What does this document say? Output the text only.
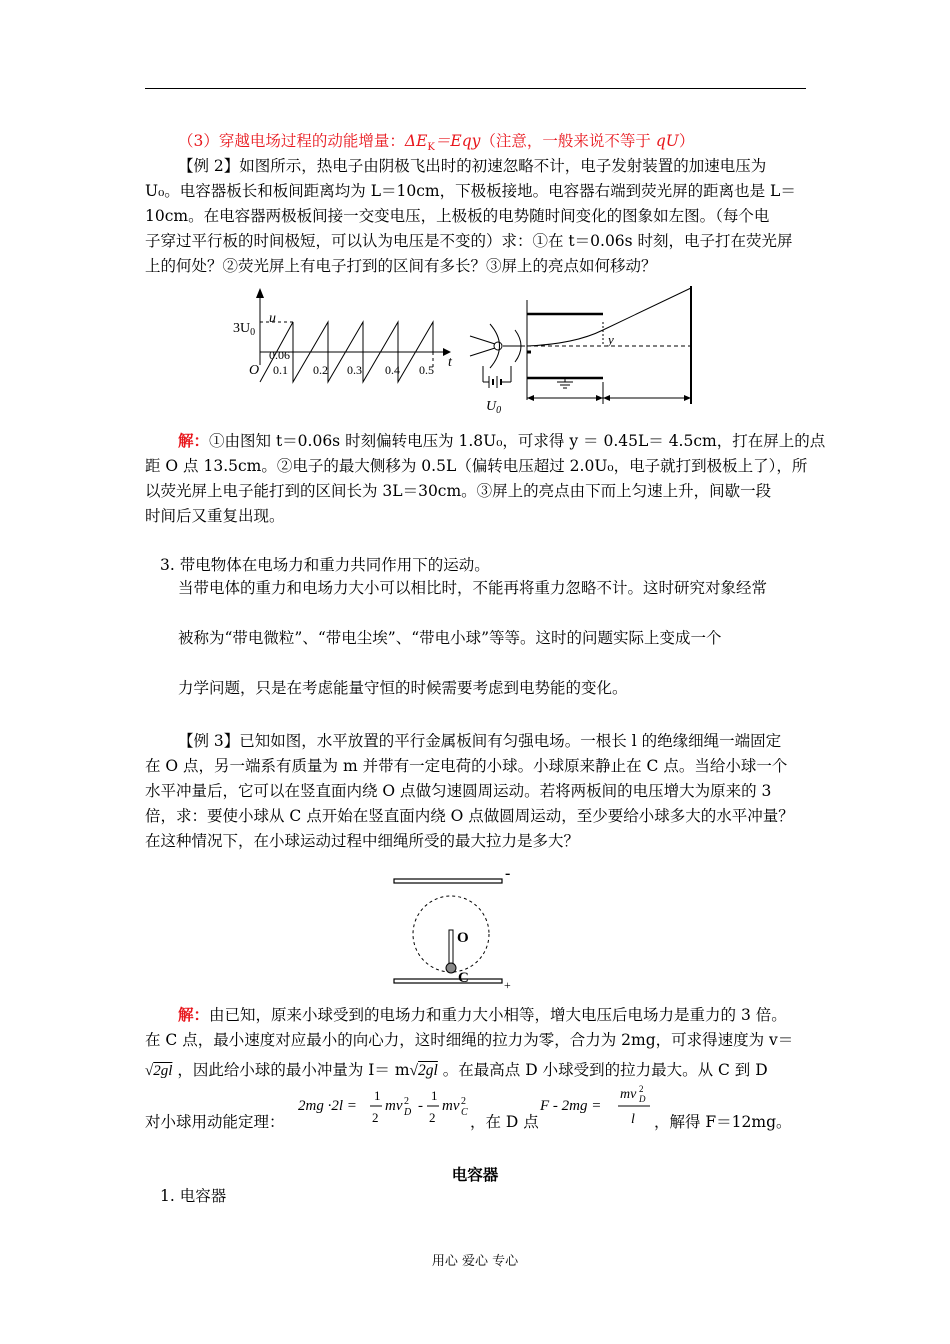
（3）穿越电场过程的动能增量：$\Delta E_K=Eqy$（注意，一般来说不等于 qU）
【例 2】如图所示，热电子由阴极飞出时的初速忽略不计，电子发射装置的加速电压为
U₀。电容器板长和板间距离均为 L＝10cm，下极板接地。电容器右端到荧光屏的距离也是 L＝
10cm。在电容器两极板间接一交变电压，上极板的电势随时间变化的图象如左图。（每个电
子穿过平行板的时间极短，可以认为电压是不变的）求：①在 t＝0.06s 时刻，电子打在荧光屏
上的何处？②荧光屏上有电子打到的区间有多长？③屏上的亮点如何移动？
u
$3U_0$
O
t
0.06
0.1 0.2 0.3 0.4 0.5
$U_0$
y
解：①由图知 t＝0.06s 时刻偏转电压为 1.8U₀，可求得 y ＝ 0.45L＝ 4.5cm，打在屏上的点
距 O 点 13.5cm。②电子的最大侧移为 0.5L（偏转电压超过 2.0U₀，电子就打到极板上了），所
以荧光屏上电子能打到的区间长为 3L＝30cm。③屏上的亮点由下而上匀速上升，间歇一段
时间后又重复出现。
3. 带电物体在电场力和重力共同作用下的运动。
当带电体的重力和电场力大小可以相比时，不能再将重力忽略不计。这时研究对象经常
被称为“带电微粒”、“带电尘埃”、“带电小球”等等。这时的问题实际上变成一个
力学问题，只是在考虑能量守恒的时候需要考虑到电势能的变化。
【例 3】已知如图，水平放置的平行金属板间有匀强电场。一根长 l 的绝缘细绳一端固定
在 O 点，另一端系有质量为 m 并带有一定电荷的小球。小球原来静止在 C 点。当给小球一个
水平冲量后，它可以在竖直面内绕 O 点做匀速圆周运动。若将两板间的电压增大为原来的 3
倍，求：要使小球从 C 点开始在竖直面内绕 O 点做圆周运动，至少要给小球多大的水平冲量？
在这种情况下，在小球运动过程中细绳所受的最大拉力是多大？
-
O
C	+
解：由已知，原来小球受到的电场力和重力大小相等，增大电压后电场力是重力的 3 倍。
在 C 点，最小速度对应最小的向心力，这时细绳的拉力为零，合力为 2mg，可求得速度为 v＝
√2gl ，因此给小球的最小冲量为 I＝ m√2gl 。在最高点 D 小球受到的拉力最大。从 C 到 D
对小球用动能定理：
2mg ·2l =
1
2
mv 2
D -
1
2
mv 2
C
，在 D 点
F - 2mg =
mv 2
D
l ，解得 F＝12mg。
电容器
1. 电容器
用心 爱心 专心
